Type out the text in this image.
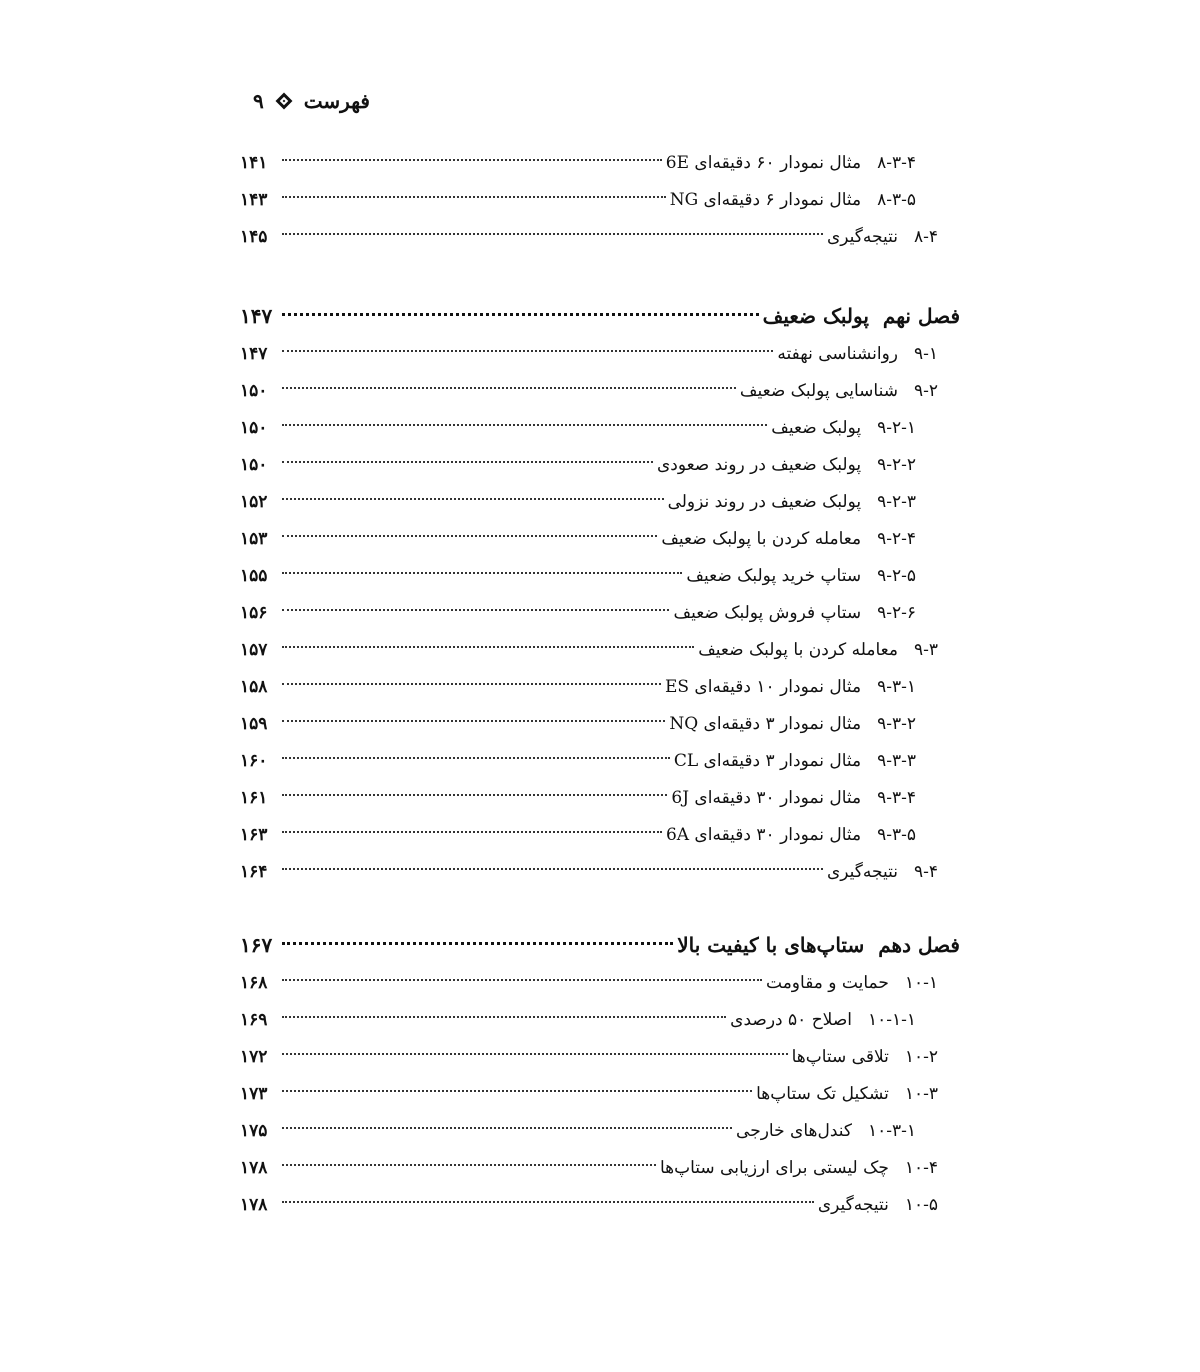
فهرست
۹
۸-۳-۴
مثال نمودار ۶۰ دقیقه‌ای 6E
۱۴۱
۸-۳-۵
مثال نمودار ۶ دقیقه‌ای NG
۱۴۳
۸-۴
نتیجه‌گیری
۱۴۵
فصل نهم
پولبک ضعیف
۱۴۷
۹-۱
روانشناسی نهفته
۱۴۷
۹-۲
شناسایی پولبک ضعیف
۱۵۰
۹-۲-۱
پولبک ضعیف
۱۵۰
۹-۲-۲
پولبک ضعیف در روند صعودی
۱۵۰
۹-۲-۳
پولبک ضعیف در روند نزولی
۱۵۲
۹-۲-۴
معامله کردن با پولبک ضعیف
۱۵۳
۹-۲-۵
ستاپ خرید پولبک ضعیف
۱۵۵
۹-۲-۶
ستاپ فروش پولبک ضعیف
۱۵۶
۹-۳
معامله کردن با پولبک ضعیف
۱۵۷
۹-۳-۱
مثال نمودار ۱۰ دقیقه‌ای ES
۱۵۸
۹-۳-۲
مثال نمودار ۳ دقیقه‌ای NQ
۱۵۹
۹-۳-۳
مثال نمودار ۳ دقیقه‌ای CL
۱۶۰
۹-۳-۴
مثال نمودار ۳۰ دقیقه‌ای 6J
۱۶۱
۹-۳-۵
مثال نمودار ۳۰ دقیقه‌ای 6A
۱۶۳
۹-۴
نتیجه‌گیری
۱۶۴
فصل دهم
ستاپ‌های با کیفیت بالا
۱۶۷
۱۰-۱
حمایت و مقاومت
۱۶۸
۱۰-۱-۱
اصلاح ۵۰ درصدی
۱۶۹
۱۰-۲
تلاقی ستاپ‌ها
۱۷۲
۱۰-۳
تشکیل تک ستاپ‌ها
۱۷۳
۱۰-۳-۱
کندل‌های خارجی
۱۷۵
۱۰-۴
چک لیستی برای ارزیابی ستاپ‌ها
۱۷۸
۱۰-۵
نتیجه‌گیری
۱۷۸
